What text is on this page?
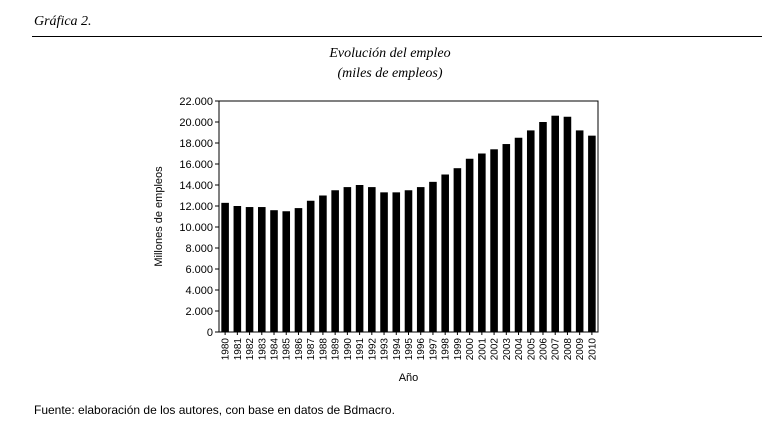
Gráfica 2.
Evolución del empleo
(miles de empleos)
0
2.000
4.000
6.000
8.000
10.000
12.000
14.000
16.000
18.000
20.000
22.000
1980 1981 1982 1983 1984 1985 1986 1987 1988 1989 1990 1991 1992 1993 1994 1995 1996 1997 1998 1999 2000 2001 2002 2003 2004 2005 2006 2007 2008 2009 2010
Millones de empleos
Año
Fuente: elaboración de los autores, con base en datos de Bdmacro.
